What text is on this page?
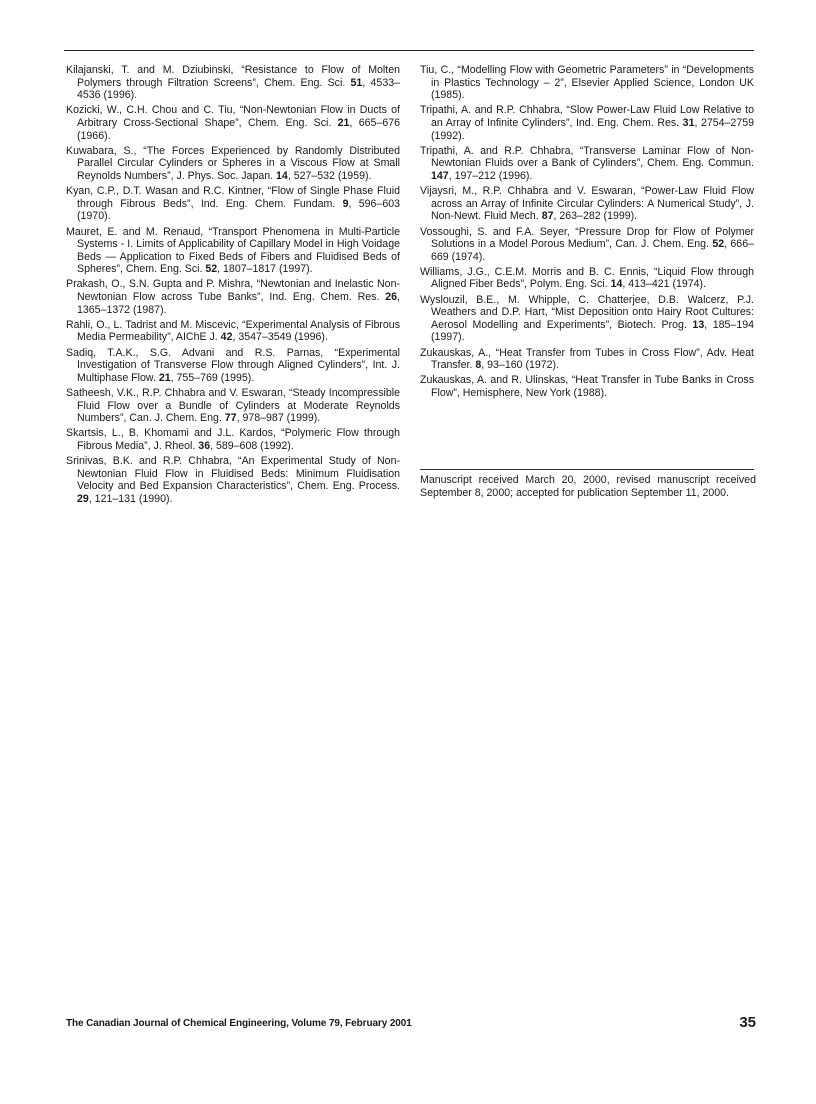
Kilajanski, T. and M. Dziubinski, “Resistance to Flow of Molten Polymers through Filtration Screens”, Chem. Eng. Sci. 51, 4533–4536 (1996).

Kozicki, W., C.H. Chou and C. Tiu, “Non-Newtonian Flow in Ducts of Arbitrary Cross-Sectional Shape”, Chem. Eng. Sci. 21, 665–676 (1966).

Kuwabara, S., “The Forces Experienced by Randomly Distributed Parallel Circular Cylinders or Spheres in a Viscous Flow at Small Reynolds Numbers”, J. Phys. Soc. Japan. 14, 527–532 (1959).

Kyan, C.P., D.T. Wasan and R.C. Kintner, “Flow of Single Phase Fluid through Fibrous Beds”, Ind. Eng. Chem. Fundam. 9, 596–603 (1970).

Mauret, E. and M. Renaud, “Transport Phenomena in Multi-Particle Systems - I. Limits of Applicability of Capillary Model in High Voidage Beds — Application to Fixed Beds of Fibers and Fluidised Beds of Spheres”, Chem. Eng. Sci. 52, 1807–1817 (1997).

Prakash, O., S.N. Gupta and P. Mishra, “Newtonian and Inelastic Non-Newtonian Flow across Tube Banks”, Ind. Eng. Chem. Res. 26, 1365–1372 (1987).

Rahli, O., L. Tadrist and M. Miscevic, “Experimental Analysis of Fibrous Media Permeability”, AIChE J. 42, 3547–3549 (1996).

Sadiq, T.A.K., S.G. Advani and R.S. Parnas, “Experimental Investigation of Transverse Flow through Aligned Cylinders”, Int. J. Multiphase Flow. 21, 755–769 (1995).

Satheesh, V.K., R.P. Chhabra and V. Eswaran, “Steady Incompressible Fluid Flow over a Bundle of Cylinders at Moderate Reynolds Numbers”, Can. J. Chem. Eng. 77, 978–987 (1999).

Skartsis, L., B. Khomami and J.L. Kardos, “Polymeric Flow through Fibrous Media”, J. Rheol. 36, 589–608 (1992).

Srinivas, B.K. and R.P. Chhabra, “An Experimental Study of Non-Newtonian Fluid Flow in Fluidised Beds: Minimum Fluidisation Velocity and Bed Expansion Characteristics”, Chem. Eng. Process. 29, 121–131 (1990).

Tiu, C., “Modelling Flow with Geometric Parameters” in “Developments in Plastics Technology – 2”, Elsevier Applied Science, London UK (1985).

Tripathi, A. and R.P. Chhabra, “Slow Power-Law Fluid Low Relative to an Array of Infinite Cylinders”, Ind. Eng. Chem. Res. 31, 2754–2759 (1992).

Tripathi, A. and R.P. Chhabra, “Transverse Laminar Flow of Non-Newtonian Fluids over a Bank of Cylinders”, Chem. Eng. Commun. 147, 197–212 (1996).

Vijaysri, M., R.P. Chhabra and V. Eswaran, “Power-Law Fluid Flow across an Array of Infinite Circular Cylinders: A Numerical Study”, J. Non-Newt. Fluid Mech. 87, 263–282 (1999).

Vossoughi, S. and F.A. Seyer, “Pressure Drop for Flow of Polymer Solutions in a Model Porous Medium”, Can. J. Chem. Eng. 52, 666–669 (1974).

Williams, J.G., C.E.M. Morris and B. C. Ennis, “Liquid Flow through Aligned Fiber Beds”, Polym. Eng. Sci. 14, 413–421 (1974).

Wyslouzil, B.E., M. Whipple, C. Chatterjee, D.B. Walcerz, P.J. Weathers and D.P. Hart, “Mist Deposition onto Hairy Root Cultures: Aerosol Modelling and Experiments”, Biotech. Prog. 13, 185–194 (1997).

Zukauskas, A., “Heat Transfer from Tubes in Cross Flow”, Adv. Heat Transfer. 8, 93–160 (1972).

Zukauskas, A. and R. Ulinskas, “Heat Transfer in Tube Banks in Cross Flow”, Hemisphere, New York (1988).

Manuscript received March 20, 2000, revised manuscript received September 8, 2000; accepted for publication September 11, 2000.
The Canadian Journal of Chemical Engineering, Volume 79, February 2001	35
